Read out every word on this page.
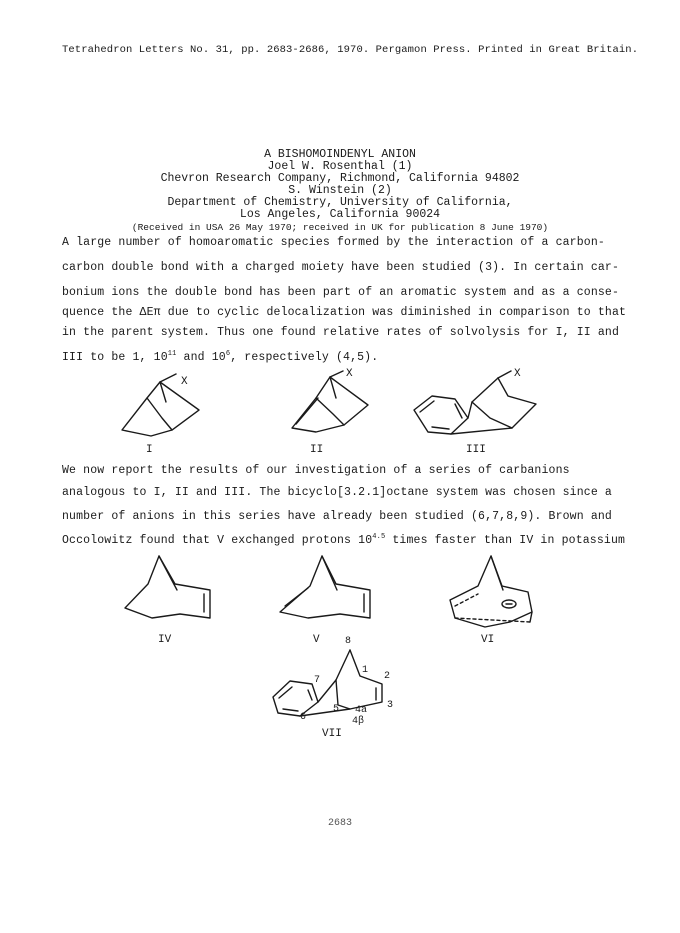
Tetrahedron Letters No. 31, pp. 2683-2686, 1970. Pergamon Press. Printed in Great Britain.
A BISHOMOINDENYL ANION
Joel W. Rosenthal (1)
Chevron Research Company, Richmond, California 94802
S. Winstein (2)
Department of Chemistry, University of California,
Los Angeles, California 90024
(Received in USA 26 May 1970; received in UK for publication 8 June 1970)
A large number of homoaromatic species formed by the interaction of a carbon-
carbon double bond with a charged moiety have been studied (3). In certain car-
bonium ions the double bond has been part of an aromatic system and as a conse-
quence the ΔEπ due to cyclic delocalization was diminished in comparison to that
in the parent system. Thus one found relative rates of solvolysis for I, II and
III to be 1, $10^{11}$ and $10^6$, respectively (4,5).
X
X	X
I	II	III
We now report the results of our investigation of a series of carbanions
analogous to I, II and III. The bicyclo[3.2.1]octane system was chosen since a
number of anions in this series have already been studied (6,7,8,9). Brown and
Occolowitz found that V exchanged protons $10^{4.5}$ times faster than IV in potassium
IV	V	VI
8
1
2
3
4a
4β
5
6
7
VII
2683
